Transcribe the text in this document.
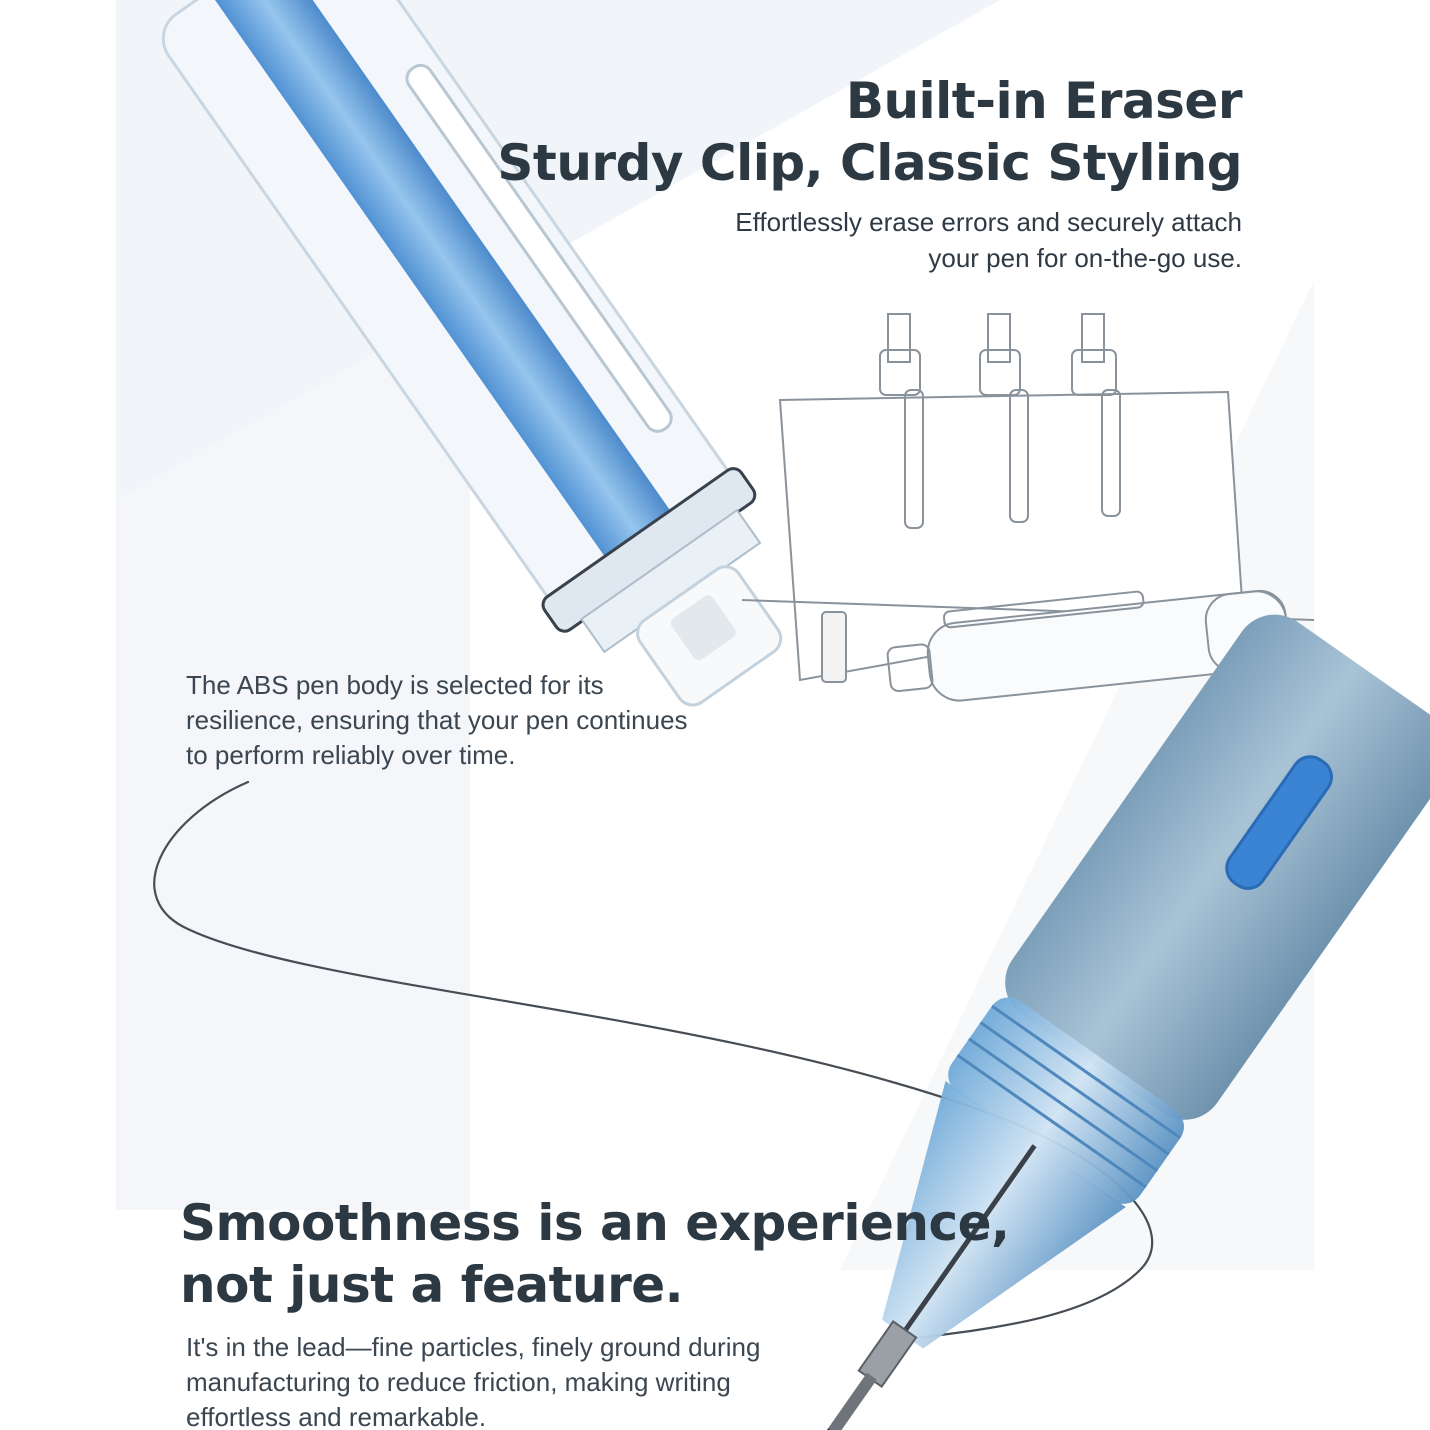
Built-in Eraser
Sturdy Clip, Classic Styling

Effortlessly erase errors and securely attach
your pen for on-the-go use.

The ABS pen body is selected for its
resilience, ensuring that your pen continues
to perform reliably over time.

Smoothness is an experience,
not just a feature.

It's in the lead—fine particles, finely ground during
manufacturing to reduce friction, making writing
effortless and remarkable.
